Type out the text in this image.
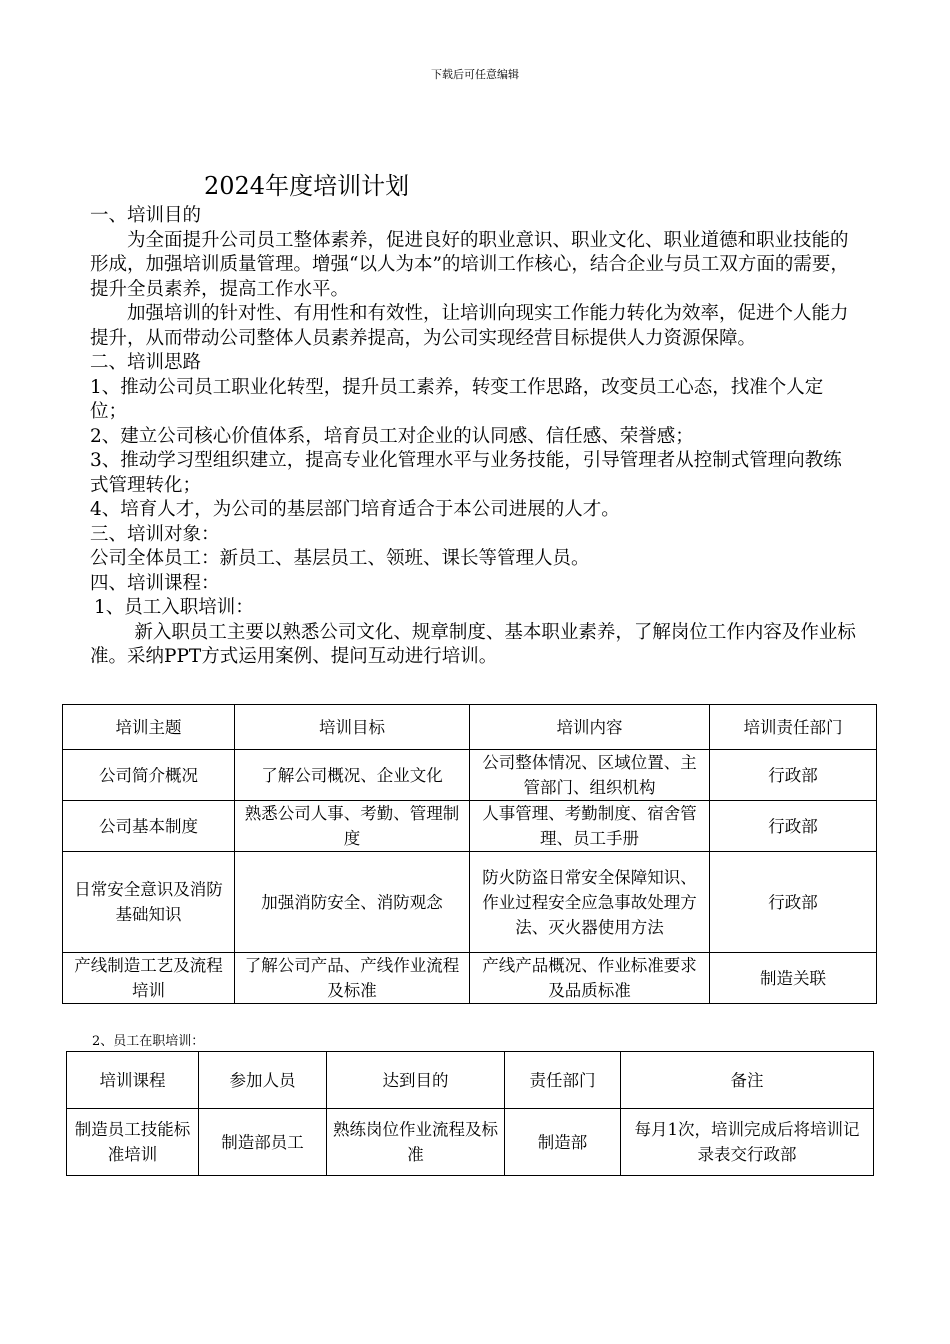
下载后可任意编辑
2024年度培训计划

一、培训目的

为全面提升公司员工整体素养，促进良好的职业意识、职业文化、职业道德和职业技能的形成，加强培训质量管理。增强“以人为本”的培训工作核心，结合企业与员工双方面的需要，提升全员素养，提高工作水平。

加强培训的针对性、有用性和有效性，让培训向现实工作能力转化为效率，促进个人能力提升，从而带动公司整体人员素养提高，为公司实现经营目标提供人力资源保障。

二、培训思路

1、推动公司员工职业化转型，提升员工素养，转变工作思路，改变员工心态，找准个人定位；

2、建立公司核心价值体系，培育员工对企业的认同感、信任感、荣誉感；

3、推动学习型组织建立，提高专业化管理水平与业务技能，引导管理者从控制式管理向教练式管理转化；

4、培育人才，为公司的基层部门培育适合于本公司进展的人才。

三、培训对象：

公司全体员工：新员工、基层员工、领班、课长等管理人员。

四、培训课程：

1、员工入职培训：

新入职员工主要以熟悉公司文化、规章制度、基本职业素养，了解岗位工作内容及作业标准。采纳PPT方式运用案例、提问互动进行培训。

培训主题	培训目标	培训内容	培训责任部门
公司简介概况	了解公司概况、企业文化	公司整体情况、区域位置、主管部门、组织机构	行政部
公司基本制度	熟悉公司人事、考勤、管理制度	人事管理、考勤制度、宿舍管理、员工手册	行政部
日常安全意识及消防基础知识	加强消防安全、消防观念	防火防盗日常安全保障知识、作业过程安全应急事故处理方法、灭火器使用方法	行政部
产线制造工艺及流程培训	了解公司产品、产线作业流程及标准	产线产品概况、作业标准要求及品质标准	制造关联
2、员工在职培训：
培训课程	参加人员	达到目的	责任部门	备注
制造员工技能标准培训	制造部员工	熟练岗位作业流程及标准	制造部	每月1次，培训完成后将培训记录表交行政部
